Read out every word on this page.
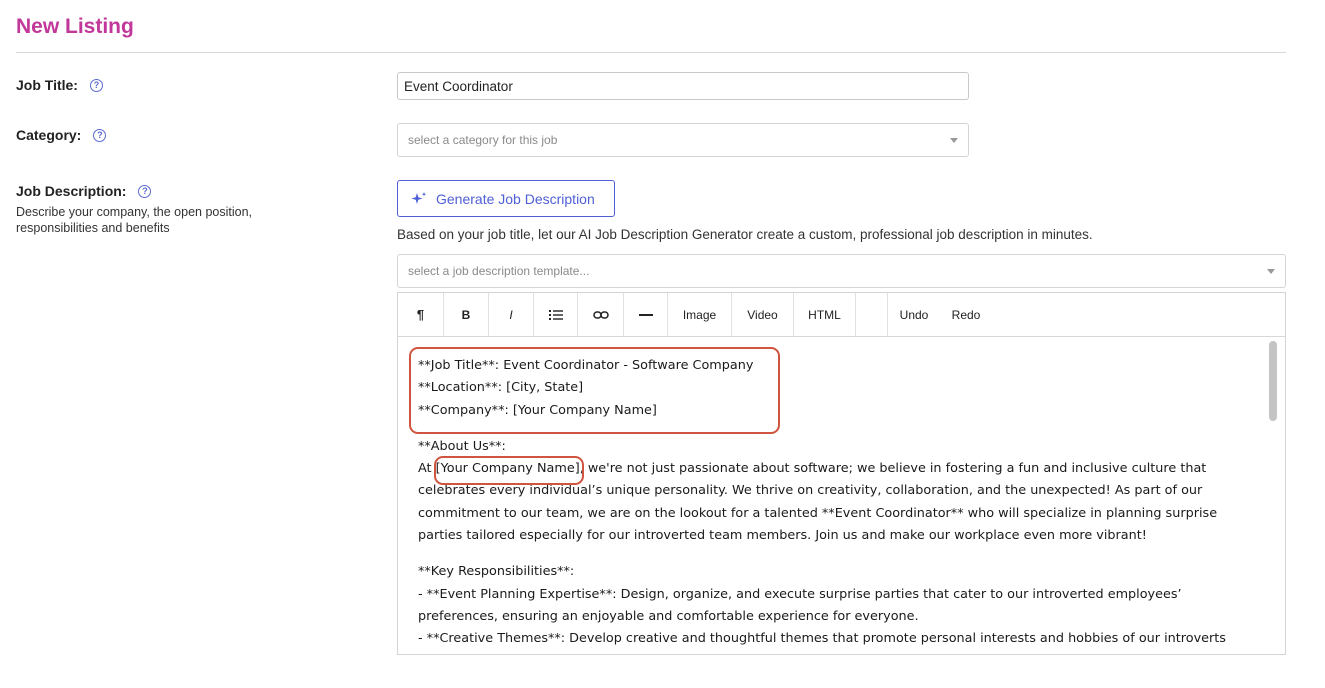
New Listing
Job Title:	?
Event Coordinator
Category:	?	select a category for this job
Job Description:	?
Describe your company, the open position, responsibilities and benefits
Generate Job Description
Based on your job title, let our AI Job Description Generator create a custom, professional job description in minutes.
select a job description template...
¶	B	I	Image	Video	HTML	Undo	Redo

**Job Title**: Event Coordinator - Software Company

**Location**: [City, State]

**Company**: [Your Company Name]

**About Us**:

At [Your Company Name], we're not just passionate about software; we believe in fostering a fun and inclusive culture that celebrates every individual’s unique personality. We thrive on creativity, collaboration, and the unexpected! As part of our commitment to our team, we are on the lookout for a talented **Event Coordinator** who will specialize in planning surprise parties tailored especially for our introverted team members. Join us and make our workplace even more vibrant!

**Key Responsibilities**:

- **Event Planning Expertise**: Design, organize, and execute surprise parties that cater to our introverted employees’ preferences, ensuring an enjoyable and comfortable experience for everyone.

- **Creative Themes**: Develop creative and thoughtful themes that promote personal interests and hobbies of our introverts
